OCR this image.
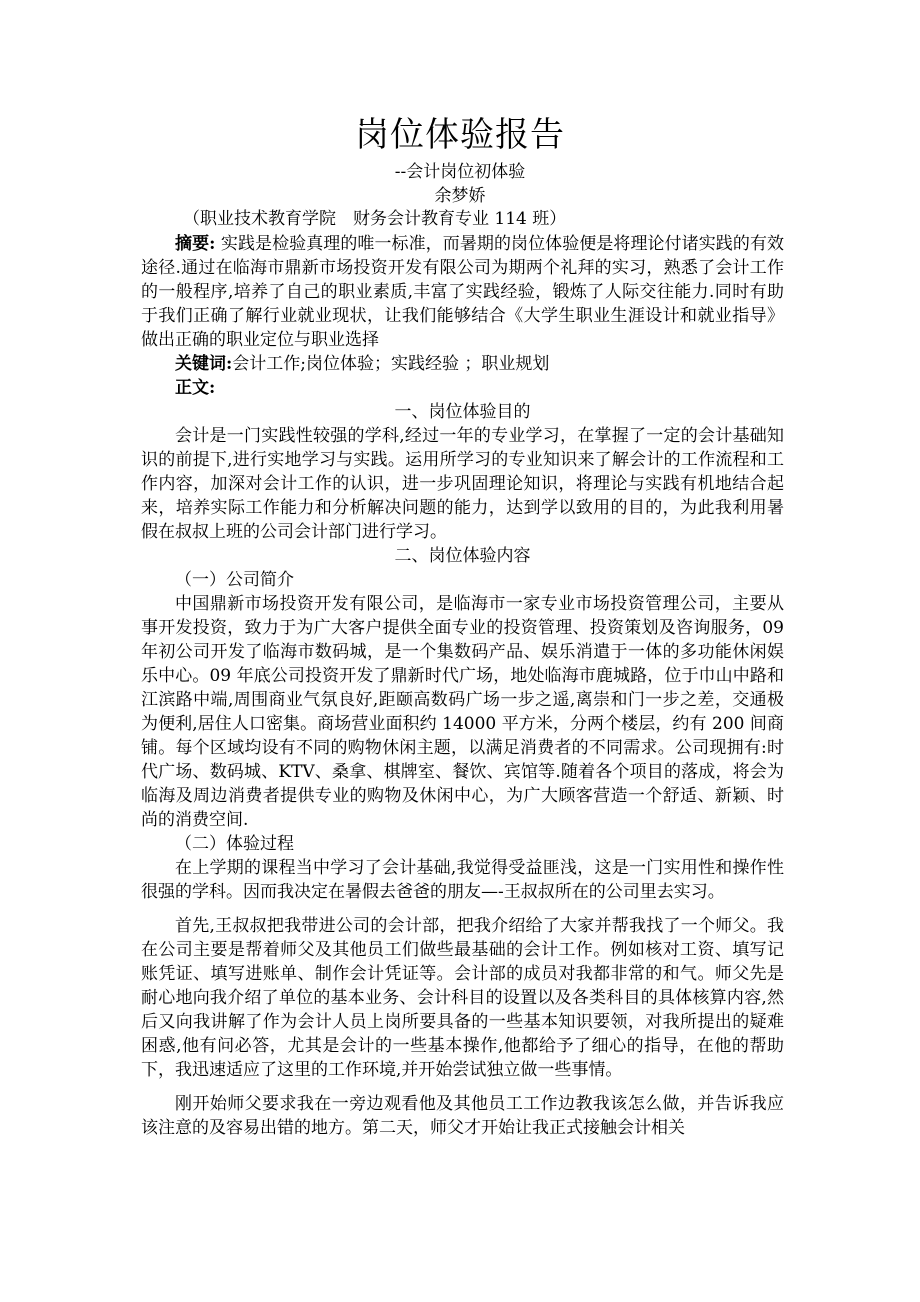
岗位体验报告
--会计岗位初体验
余梦娇
（职业技术教育学院　财务会计教育专业 114 班）

摘要: 实践是检验真理的唯一标准，而暑期的岗位体验便是将理论付诸实践的有效途径.通过在临海市鼎新市场投资开发有限公司为期两个礼拜的实习，熟悉了会计工作的一般程序,培养了自己的职业素质,丰富了实践经验，锻炼了人际交往能力.同时有助于我们正确了解行业就业现状，让我们能够结合《大学生职业生涯设计和就业指导》做出正确的职业定位与职业选择

关键词:会计工作;岗位体验；实践经验 ；职业规划

正文:

一、岗位体验目的

会计是一门实践性较强的学科,经过一年的专业学习，在掌握了一定的会计基础知识的前提下,进行实地学习与实践。运用所学习的专业知识来了解会计的工作流程和工作内容，加深对会计工作的认识，进一步巩固理论知识，将理论与实践有机地结合起来，培养实际工作能力和分析解决问题的能力，达到学以致用的目的，为此我利用暑假在叔叔上班的公司会计部门进行学习。

二、岗位体验内容

（一）公司简介

中国鼎新市场投资开发有限公司，是临海市一家专业市场投资管理公司，主要从事开发投资，致力于为广大客户提供全面专业的投资管理、投资策划及咨询服务，09 年初公司开发了临海市数码城，是一个集数码产品、娱乐消遣于一体的多功能休闲娱乐中心。09 年底公司投资开发了鼎新时代广场，地处临海市鹿城路，位于巾山中路和江滨路中端,周围商业气氛良好,距颐高数码广场一步之遥,离崇和门一步之差，交通极为便利,居住人口密集。商场营业面积约 14000 平方米，分两个楼层，约有 200 间商铺。每个区域均设有不同的购物休闲主题，以满足消费者的不同需求。公司现拥有:时代广场、数码城、KTV、桑拿、棋牌室、餐饮、宾馆等.随着各个项目的落成，将会为临海及周边消费者提供专业的购物及休闲中心，为广大顾客营造一个舒适、新颖、时尚的消费空间.

（二）体验过程

在上学期的课程当中学习了会计基础,我觉得受益匪浅，这是一门实用性和操作性很强的学科。因而我决定在暑假去爸爸的朋友—-王叔叔所在的公司里去实习。

首先,王叔叔把我带进公司的会计部，把我介绍给了大家并帮我找了一个师父。我在公司主要是帮着师父及其他员工们做些最基础的会计工作。例如核对工资、填写记账凭证、填写进账单、制作会计凭证等。会计部的成员对我都非常的和气。师父先是耐心地向我介绍了单位的基本业务、会计科目的设置以及各类科目的具体核算内容,然后又向我讲解了作为会计人员上岗所要具备的一些基本知识要领，对我所提出的疑难困惑,他有问必答，尤其是会计的一些基本操作,他都给予了细心的指导，在他的帮助下，我迅速适应了这里的工作环境,并开始尝试独立做一些事情。

刚开始师父要求我在一旁边观看他及其他员工工作边教我该怎么做，并告诉我应该注意的及容易出错的地方。第二天，师父才开始让我正式接触会计相关
